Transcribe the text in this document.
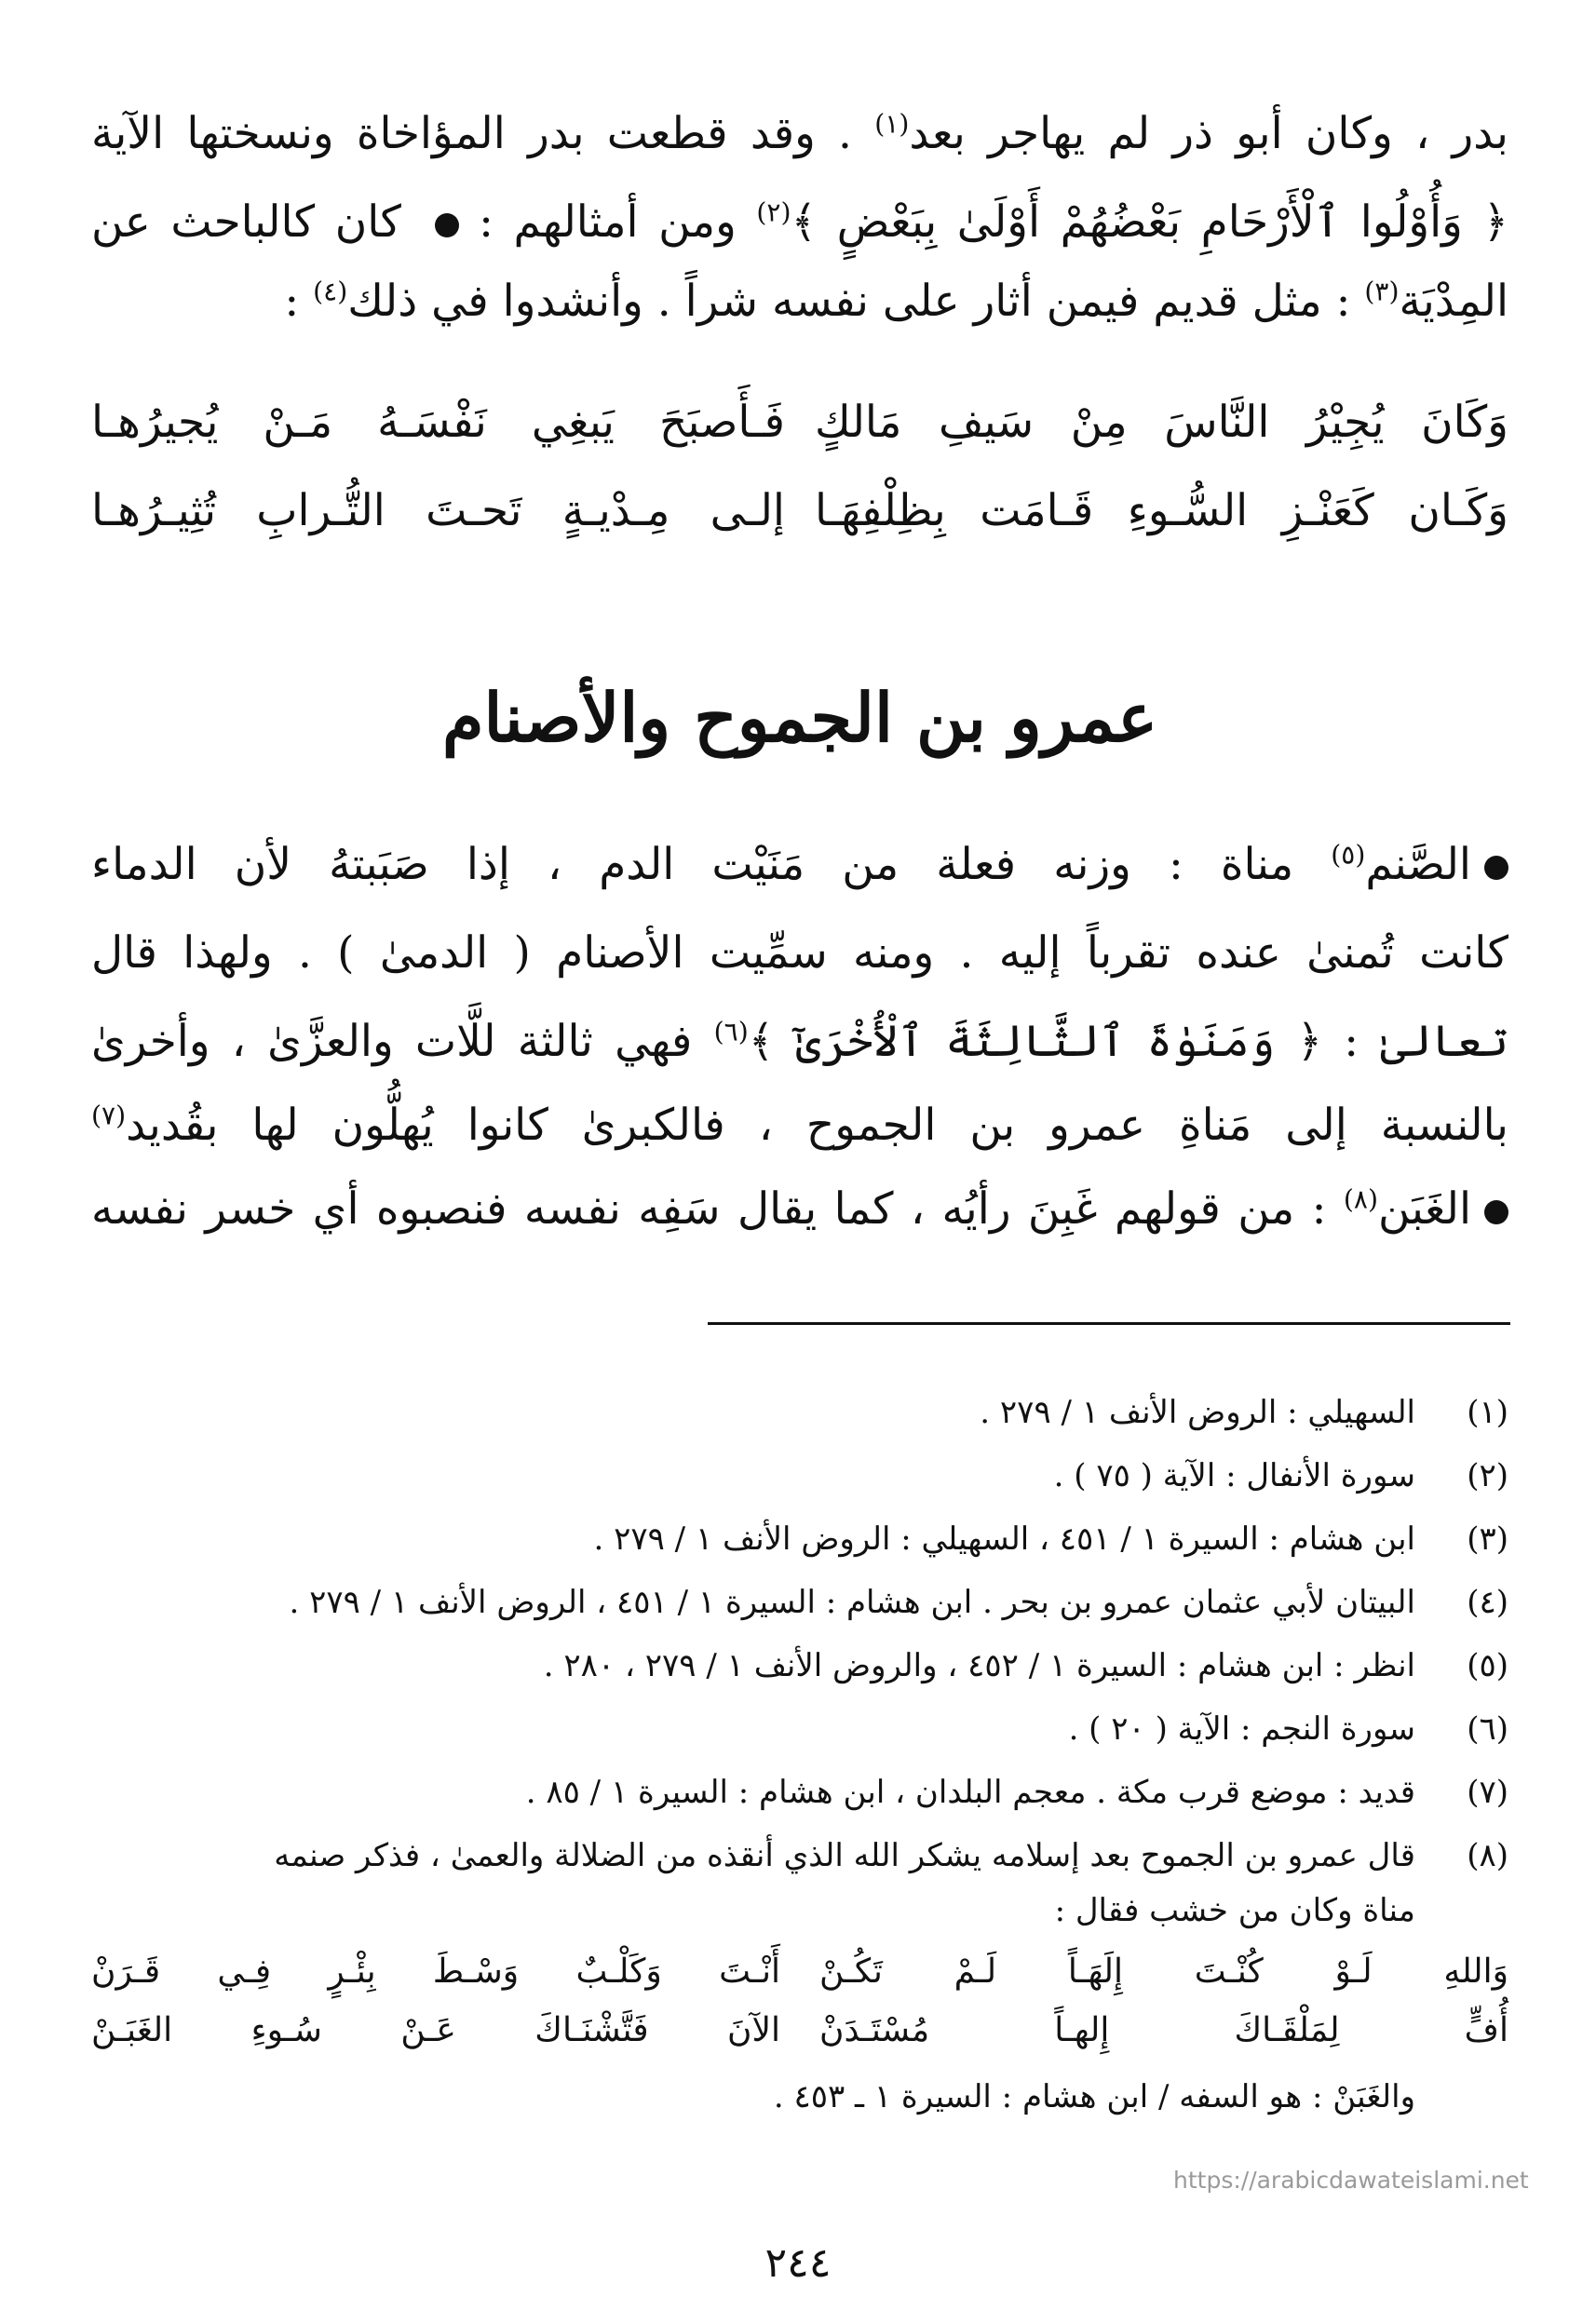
بدر ، وكان أبو ذر لم يهاجر بعد$^{(١)}$ . وقد قطعت بدر المؤاخاة ونسختها الآية
﴿ وَأُوْلُوا ٱلْأَرْحَامِ بَعْضُهُمْ أَوْلَىٰ بِبَعْضٍ ﴾$^{(٢)}$ ومن أمثالهم :  كان كالباحث عن
المِدْيَة$^{(٣)}$ : مثل قديم فيمن أثار على نفسه شراً . وأنشدوا في ذلك$^{(٤)}$ :
وَكَانَ يُجِيْرُ النَّاسَ مِنْ سَيفِ مَالكٍ
فَـأَصبَحَ يَبغِي نَفْسَـهُ مَـنْ يُجيرُهـا
وَكَـان كَعَنْـزِ السُّـوءِ قَـامَت بِظِلْفِهَـا
إلـى مِـدْيـةٍ تَحـتَ التُّـرابِ تُثِيـرُهـا
عمرو بن الجموح والأصنام
الصَّنم$^{(٥)}$ مناة : وزنه فعلة من مَنَيْت الدم ، إذا صَبَبتهُ لأن الدماء
كانت تُمنىٰ عنده تقرباً إليه . ومنه سمِّيت الأصنام ( الدمىٰ ) . ولهذا قال
تعالىٰ : ﴿ وَمَنَوٰةَ ٱلثَّالِثَةَ ٱلْأُخْرَىٰٓ ﴾$^{(٦)}$ فهي ثالثة للَّات والعزَّىٰ ، وأخرىٰ
بالنسبة إلى مَناةِ عمرو بن الجموح ، فالكبرىٰ كانوا يُهلُّون لها بقُديد$^{(٧)}$
الغَبَن$^{(٨)}$ : من قولهم غَبِنَ رأيُه ، كما يقال سَفِه نفسه فنصبوه أي خسر نفسه
(١)
السهيلي : الروض الأنف ١ / ٢٧٩ .
(٢)
سورة الأنفال : الآية ( ٧٥ ) .
(٣)
ابن هشام : السيرة ١ / ٤٥١ ، السهيلي : الروض الأنف ١ / ٢٧٩ .
(٤)
البيتان لأبي عثمان عمرو بن بحر . ابن هشام : السيرة ١ / ٤٥١ ، الروض الأنف ١ / ٢٧٩ .
(٥)
انظر : ابن هشام : السيرة ١ / ٤٥٢ ، والروض الأنف ١ / ٢٧٩ ، ٢٨٠ .
(٦)
سورة النجم : الآية ( ٢٠ ) .
(٧)
قديد : موضع قرب مكة . معجم البلدان ، ابن هشام : السيرة ١ / ٨٥ .
(٨)
قال عمرو بن الجموح بعد إسلامه يشكر الله الذي أنقذه من الضلالة والعمىٰ ، فذكر صنمه
مناة وكان من خشب فقال :
وَاللهِ لَـوْ كُنْـتَ إِلَهَـاً لَـمْ تَكُـنْ
أَنْـتَ وَكَلْـبٌ وَسْـطَ بِئْـرٍ فِـي قَـرَنْ
أُفٍّ لِمَلْقَـاكَ إِلهـاً مُسْتَـدَنْ
الآنَ فَتَّشْنَـاكَ عَـنْ سُـوءِ الغَبَـنْ
والغَبَنْ : هو السفه / ابن هشام : السيرة ١ ـ ٤٥٣ .
https://arabicdawateislami.net
٢٤٤
